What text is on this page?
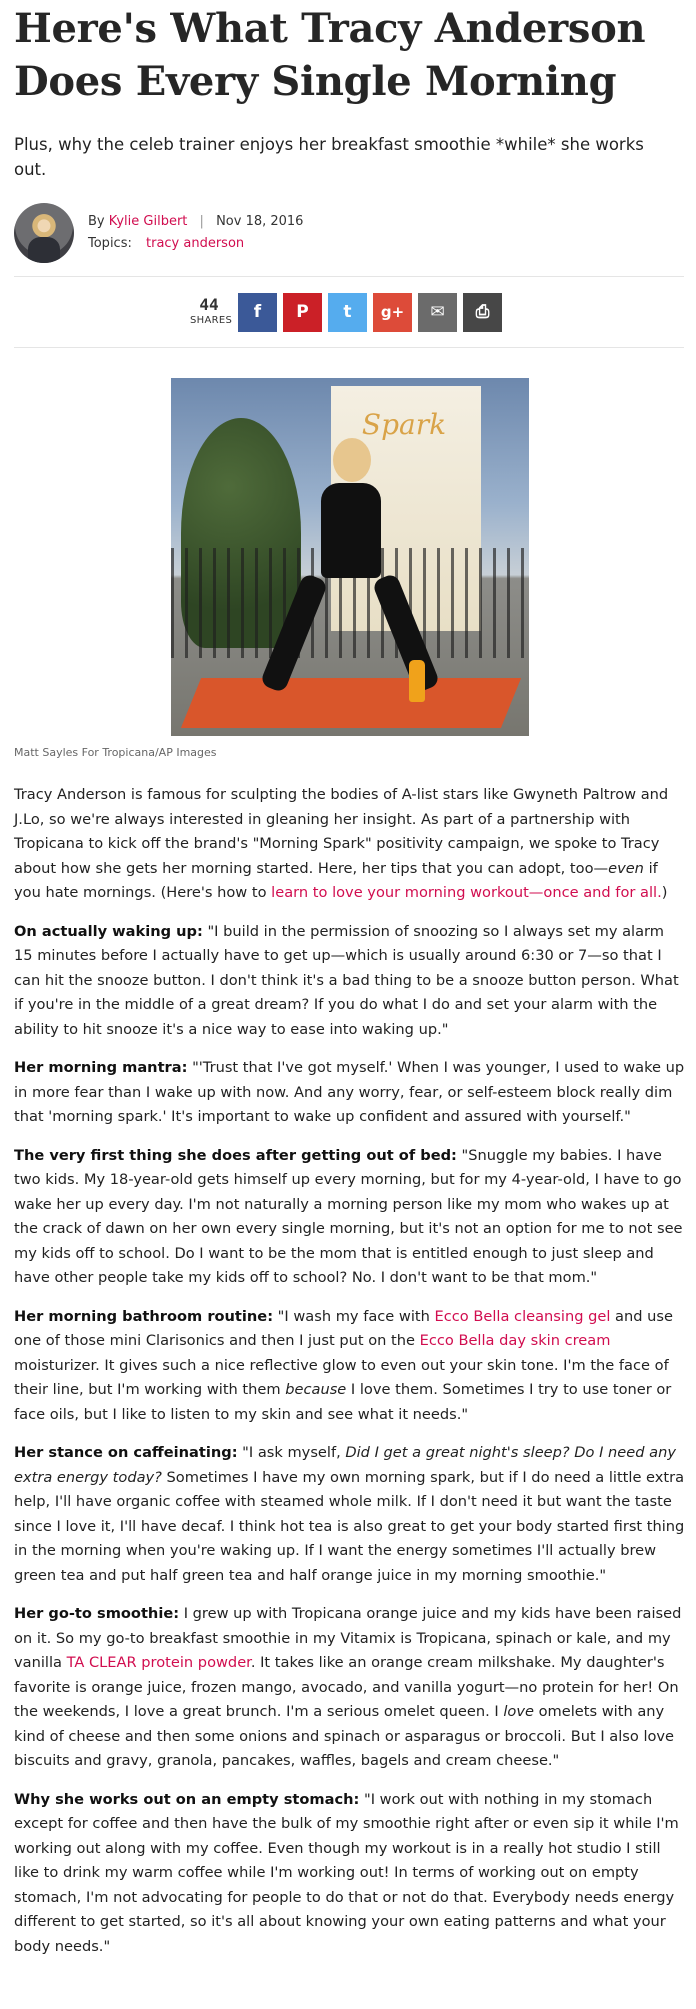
Here's What Tracy Anderson Does Every Single Morning

Plus, why the celeb trainer enjoys her breakfast smoothie *while* she works out.

By Kylie Gilbert | Nov 18, 2016
Topics: tracy anderson
44
SHARES f P t g+ ✉ ⎙
Spark
Matt Sayles For Tropicana/AP Images

Tracy Anderson is famous for sculpting the bodies of A-list stars like Gwyneth Paltrow and J.Lo, so we're always interested in gleaning her insight. As part of a partnership with Tropicana to kick off the brand's "Morning Spark" positivity campaign, we spoke to Tracy about how she gets her morning started. Here, her tips that you can adopt, too—even if you hate mornings. (Here's how to learn to love your morning workout—once and for all.)

On actually waking up: "I build in the permission of snoozing so I always set my alarm 15 minutes before I actually have to get up—which is usually around 6:30 or 7—so that I can hit the snooze button. I don't think it's a bad thing to be a snooze button person. What if you're in the middle of a great dream? If you do what I do and set your alarm with the ability to hit snooze it's a nice way to ease into waking up."

Her morning mantra: "'Trust that I've got myself.' When I was younger, I used to wake up in more fear than I wake up with now. And any worry, fear, or self-esteem block really dim that 'morning spark.' It's important to wake up confident and assured with yourself."

The very first thing she does after getting out of bed: "Snuggle my babies. I have two kids. My 18-year-old gets himself up every morning, but for my 4-year-old, I have to go wake her up every day. I'm not naturally a morning person like my mom who wakes up at the crack of dawn on her own every single morning, but it's not an option for me to not see my kids off to school. Do I want to be the mom that is entitled enough to just sleep and have other people take my kids off to school? No. I don't want to be that mom."

Her morning bathroom routine: "I wash my face with Ecco Bella cleansing gel and use one of those mini Clarisonics and then I just put on the Ecco Bella day skin cream moisturizer. It gives such a nice reflective glow to even out your skin tone. I'm the face of their line, but I'm working with them because I love them. Sometimes I try to use toner or face oils, but I like to listen to my skin and see what it needs."

Her stance on caffeinating: "I ask myself, Did I get a great night's sleep? Do I need any extra energy today? Sometimes I have my own morning spark, but if I do need a little extra help, I'll have organic coffee with steamed whole milk. If I don't need it but want the taste since I love it, I'll have decaf. I think hot tea is also great to get your body started first thing in the morning when you're waking up. If I want the energy sometimes I'll actually brew green tea and put half green tea and half orange juice in my morning smoothie."

Her go-to smoothie: I grew up with Tropicana orange juice and my kids have been raised on it. So my go-to breakfast smoothie in my Vitamix is Tropicana, spinach or kale, and my vanilla TA CLEAR protein powder. It takes like an orange cream milkshake. My daughter's favorite is orange juice, frozen mango, avocado, and vanilla yogurt—no protein for her! On the weekends, I love a great brunch. I'm a serious omelet queen. I love omelets with any kind of cheese and then some onions and spinach or asparagus or broccoli. But I also love biscuits and gravy, granola, pancakes, waffles, bagels and cream cheese."

Why she works out on an empty stomach: "I work out with nothing in my stomach except for coffee and then have the bulk of my smoothie right after or even sip it while I'm working out along with my coffee. Even though my workout is in a really hot studio I still like to drink my warm coffee while I'm working out! In terms of working out on empty stomach, I'm not advocating for people to do that or not do that. Everybody needs energy different to get started, so it's all about knowing your own eating patterns and what your body needs."
